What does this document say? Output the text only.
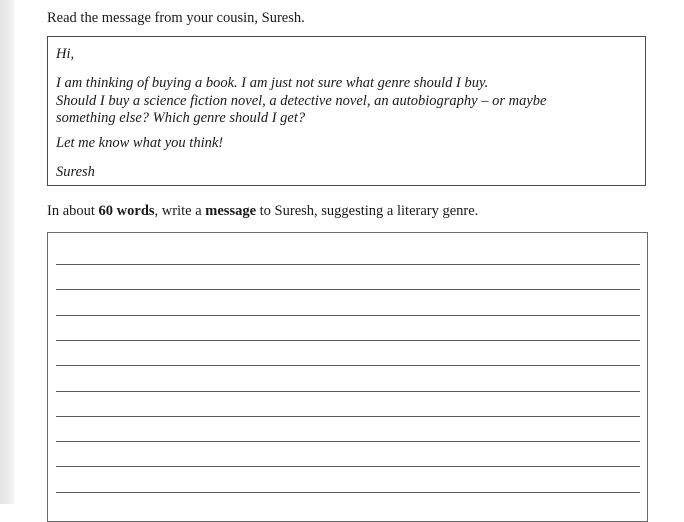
Read the message from your cousin, Suresh.
Hi,
I am thinking of buying a book. I am just not sure what genre should I buy.
Should I buy a science fiction novel, a detective novel, an autobiography – or maybe
something else? Which genre should I get?
Let me know what you think!
Suresh
In about 60 words, write a message to Suresh, suggesting a literary genre.
